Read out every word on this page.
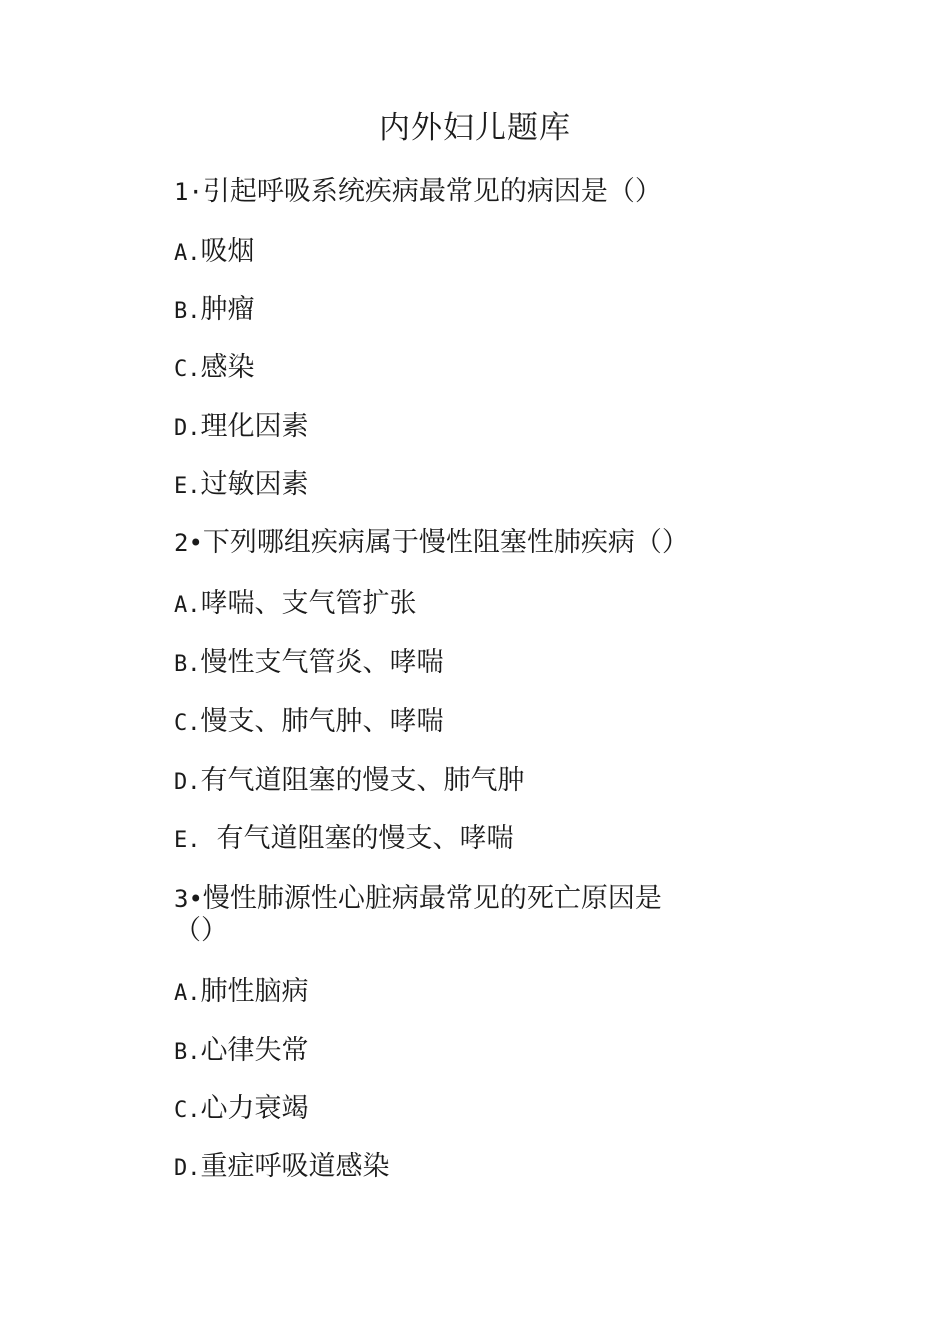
内外妇儿题库
1·引起呼吸系统疾病最常见的病因是（）
A.吸烟
B.肿瘤
C.感染
D.理化因素
E.过敏因素
2•下列哪组疾病属于慢性阻塞性肺疾病（）
A.哮喘、支气管扩张
B.慢性支气管炎、哮喘
C.慢支、肺气肿、哮喘
D.有气道阻塞的慢支、肺气肿
E. 有气道阻塞的慢支、哮喘
3•慢性肺源性心脏病最常见的死亡原因是
（）
A.肺性脑病
B.心律失常
C.心力衰竭
D.重症呼吸道感染
